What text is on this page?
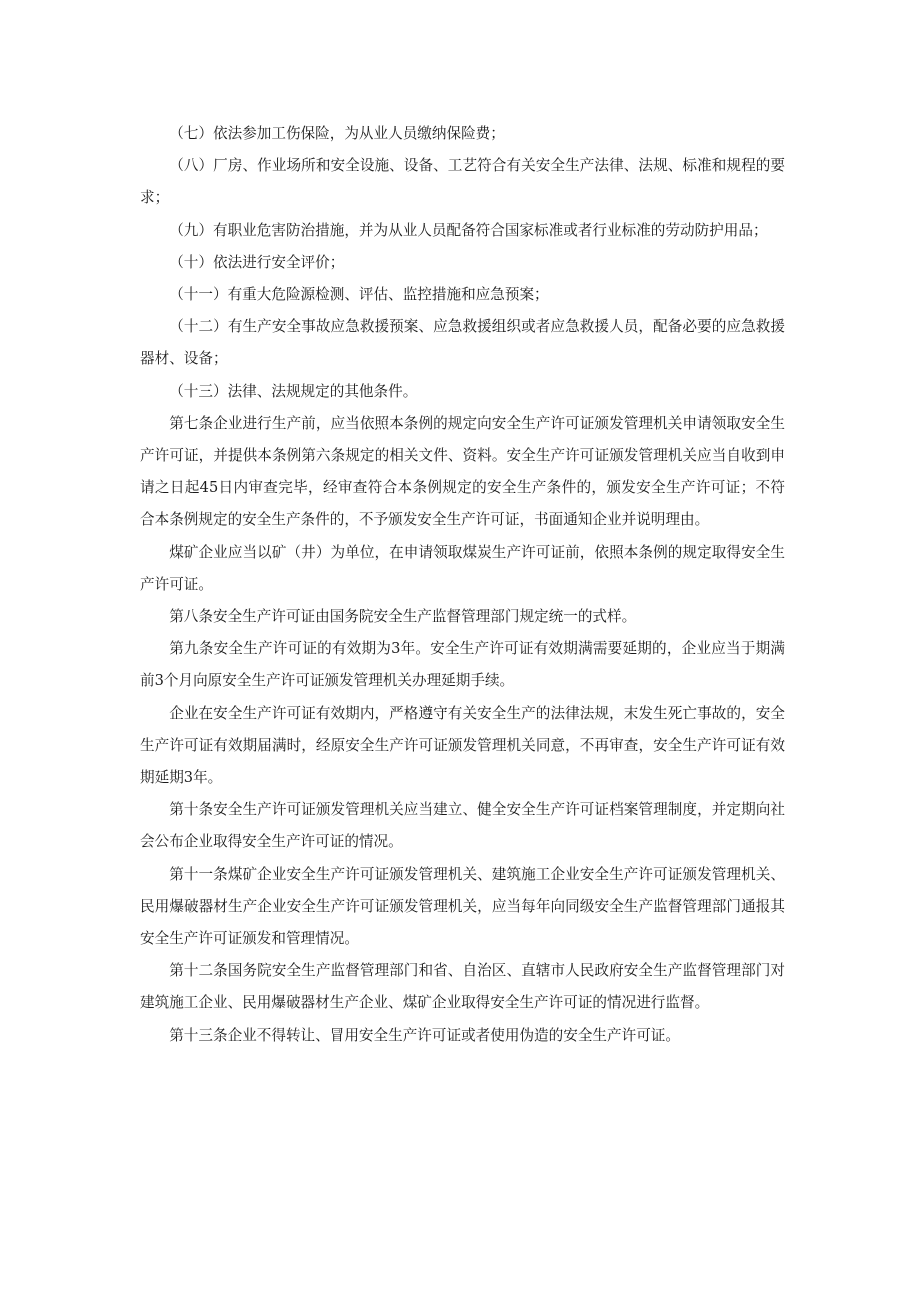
（七）依法参加工伤保险，为从业人员缴纳保险费；

（八）厂房、作业场所和安全设施、设备、工艺符合有关安全生产法律、法规、标准和规程的要求；

（九）有职业危害防治措施，并为从业人员配备符合国家标准或者行业标准的劳动防护用品；

（十）依法进行安全评价；

（十一）有重大危险源检测、评估、监控措施和应急预案；

（十二）有生产安全事故应急救援预案、应急救援组织或者应急救援人员，配备必要的应急救援器材、设备；

（十三）法律、法规规定的其他条件。

第七条企业进行生产前，应当依照本条例的规定向安全生产许可证颁发管理机关申请领取安全生产许可证，并提供本条例第六条规定的相关文件、资料。安全生产许可证颁发管理机关应当自收到申请之日起45日内审查完毕，经审查符合本条例规定的安全生产条件的，颁发安全生产许可证；不符合本条例规定的安全生产条件的，不予颁发安全生产许可证，书面通知企业并说明理由。

煤矿企业应当以矿（井）为单位，在申请领取煤炭生产许可证前，依照本条例的规定取得安全生产许可证。

第八条安全生产许可证由国务院安全生产监督管理部门规定统一的式样。

第九条安全生产许可证的有效期为3年。安全生产许可证有效期满需要延期的，企业应当于期满前3个月向原安全生产许可证颁发管理机关办理延期手续。

企业在安全生产许可证有效期内，严格遵守有关安全生产的法律法规，末发生死亡事故的，安全生产许可证有效期届满时，经原安全生产许可证颁发管理机关同意，不再审查，安全生产许可证有效期延期3年。

第十条安全生产许可证颁发管理机关应当建立、健全安全生产许可证档案管理制度，并定期向社会公布企业取得安全生产许可证的情况。

第十一条煤矿企业安全生产许可证颁发管理机关、建筑施工企业安全生产许可证颁发管理机关、民用爆破器材生产企业安全生产许可证颁发管理机关，应当每年向同级安全生产监督管理部门通报其安全生产许可证颁发和管理情况。

第十二条国务院安全生产监督管理部门和省、自治区、直辖市人民政府安全生产监督管理部门对建筑施工企业、民用爆破器材生产企业、煤矿企业取得安全生产许可证的情况进行监督。

第十三条企业不得转让、冒用安全生产许可证或者使用伪造的安全生产许可证。
